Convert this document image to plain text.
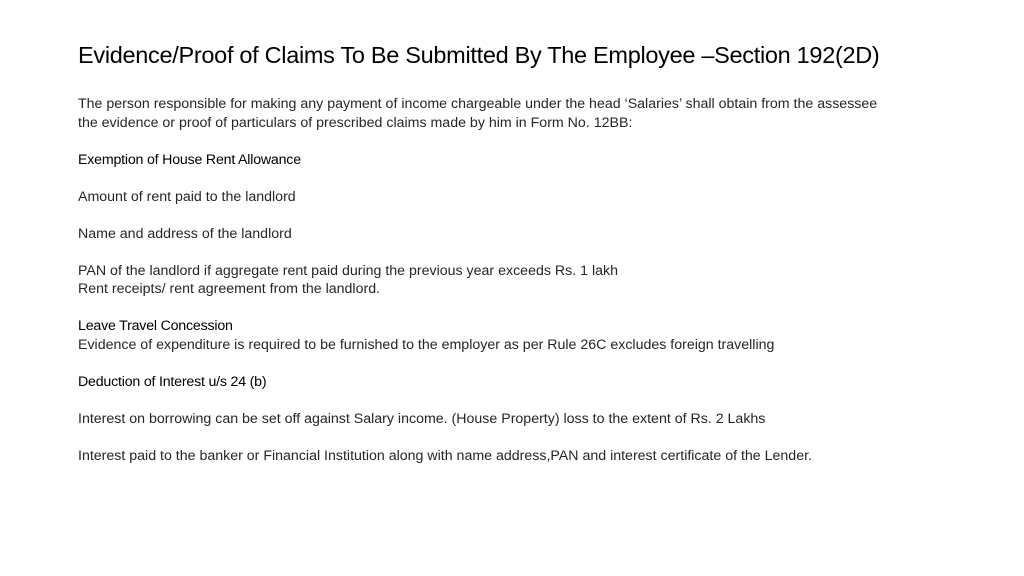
Evidence/Proof of Claims To Be Submitted By The Employee –Section 192(2D)

The person responsible for making any payment of income chargeable under the head ‘Salaries’ shall obtain from the assessee

the evidence or proof of particulars of prescribed claims made by him in Form No. 12BB:

Exemption of House Rent Allowance

Amount of rent paid to the landlord

Name and address of the landlord

PAN of the landlord if aggregate rent paid during the previous year exceeds Rs. 1 lakh

Rent receipts/ rent agreement from the landlord.

Leave Travel Concession

Evidence of expenditure is required to be furnished to the employer as per Rule 26C excludes foreign travelling

Deduction of Interest u/s 24 (b)

Interest on borrowing can be set off against Salary income. (House Property) loss to the extent of Rs. 2 Lakhs

Interest paid to the banker or Financial Institution along with name address,PAN and interest certificate of the Lender.
